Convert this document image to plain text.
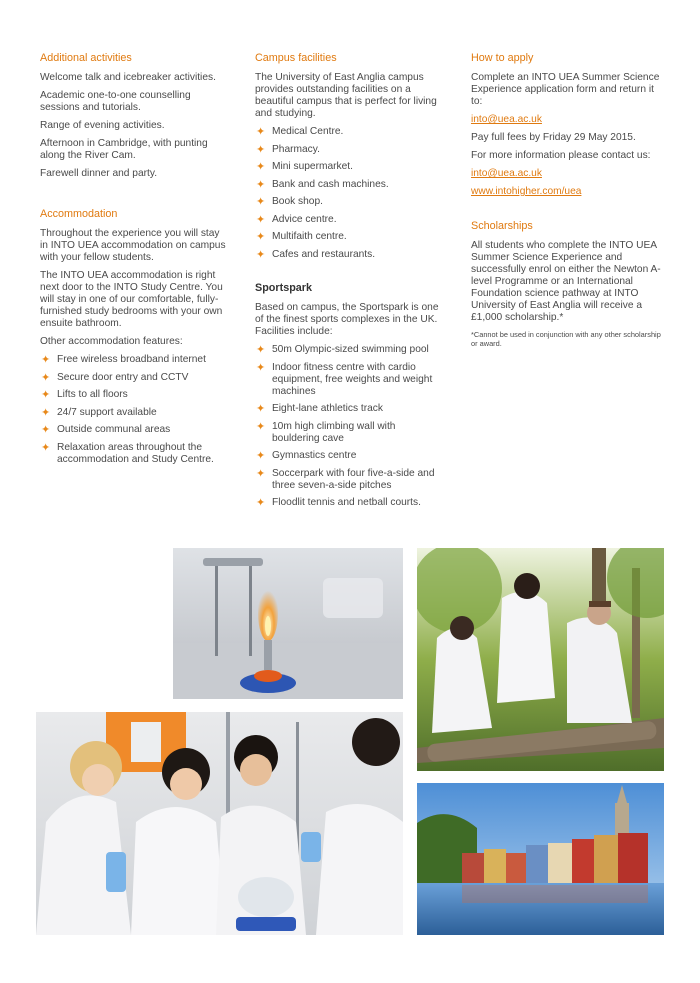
Additional activities

Welcome talk and icebreaker activities.

Academic one-to-one counselling sessions and tutorials.

Range of evening activities.

Afternoon in Cambridge, with punting along the River Cam.

Farewell dinner and party.

Accommodation

Throughout the experience you will stay in INTO UEA accommodation on campus with your fellow students.

The INTO UEA accommodation is right next door to the INTO Study Centre. You will stay in one of our comfortable, fully-furnished study bedrooms with your own ensuite bathroom.

Other accommodation features:

✦ Free wireless broadband internet
✦ Secure door entry and CCTV
✦ Lifts to all floors
✦ 24/7 support available
✦ Outside communal areas
✦ Relaxation areas throughout the accommodation and Study Centre.
Campus facilities

The University of East Anglia campus provides outstanding facilities on a beautiful campus that is perfect for living and studying.

✦ Medical Centre.
✦ Pharmacy.
✦ Mini supermarket.
✦ Bank and cash machines.
✦ Book shop.
✦ Advice centre.
✦ Multifaith centre.
✦ Cafes and restaurants.
Sportspark

Based on campus, the Sportspark is one of the finest sports complexes in the UK. Facilities include:

✦ 50m Olympic-sized swimming pool
✦ Indoor fitness centre with cardio equipment, free weights and weight machines
✦ Eight-lane athletics track
✦ 10m high climbing wall with bouldering cave
✦ Gymnastics centre
✦ Soccerpark with four five-a-side and three seven-a-side pitches
✦ Floodlit tennis and netball courts.
How to apply

Complete an INTO UEA Summer Science Experience application form and return it to:

into@uea.ac.uk

Pay full fees by Friday 29 May 2015.

For more information please contact us:

into@uea.ac.uk

www.intohigher.com/uea

Scholarships

All students who complete the INTO UEA Summer Science Experience and successfully enrol on either the Newton A-level Programme or an International Foundation science pathway at INTO University of East Anglia will receive a £1,000 scholarship.*

*Cannot be used in conjunction with any other scholarship or award.
